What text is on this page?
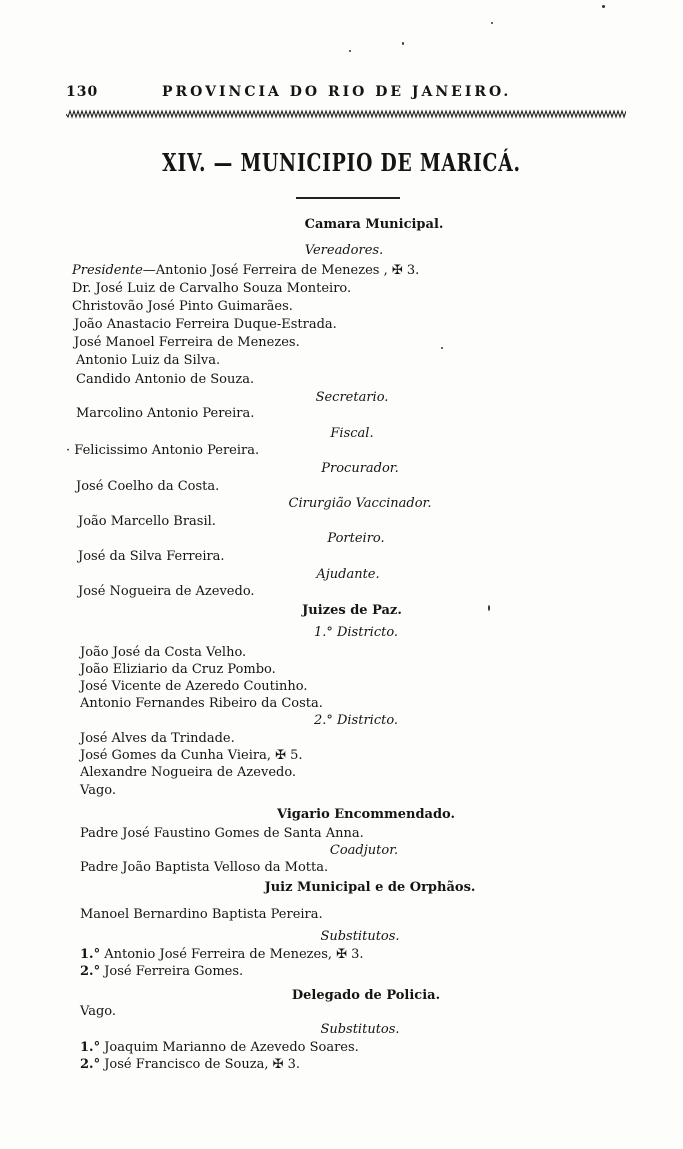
130	PROVINCIA DO RIO DE JANEIRO.
XIV. — MUNICIPIO DE MARICÁ.
Camara Municipal.
Vereadores.
Presidente—Antonio José Ferreira de Menezes , ✠ 3.
Dr. José Luiz de Carvalho Souza Monteiro.
Christovão José Pinto Guimarães.
João Anastacio Ferreira Duque-Estrada.
José Manoel Ferreira de Menezes.
Antonio Luiz da Silva.
Candido Antonio de Souza.
Secretario.
Marcolino Antonio Pereira.
Fiscal.
· Felicissimo Antonio Pereira.
Procurador.
José Coelho da Costa.
Cirurgião Vaccinador.
João Marcello Brasil.
Porteiro.
José da Silva Ferreira.
Ajudante.
José Nogueira de Azevedo.
Juizes de Paz.
1.° Districto.
João José da Costa Velho.
João Eliziario da Cruz Pombo.
José Vicente de Azeredo Coutinho.
Antonio Fernandes Ribeiro da Costa.
2.° Districto.
José Alves da Trindade.
José Gomes da Cunha Vieira, ✠ 5.
Alexandre Nogueira de Azevedo.
Vago.
Vigario Encommendado.
Padre José Faustino Gomes de Santa Anna.
Coadjutor.
Padre João Baptista Velloso da Motta.
Juiz Municipal e de Orphãos.
Manoel Bernardino Baptista Pereira.
Substitutos.
1.° Antonio José Ferreira de Menezes, ✠ 3.
2.° José Ferreira Gomes.
Delegado de Policia.
Vago.
Substitutos.
1.° Joaquim Marianno de Azevedo Soares.
2.° José Francisco de Souza, ✠ 3.
